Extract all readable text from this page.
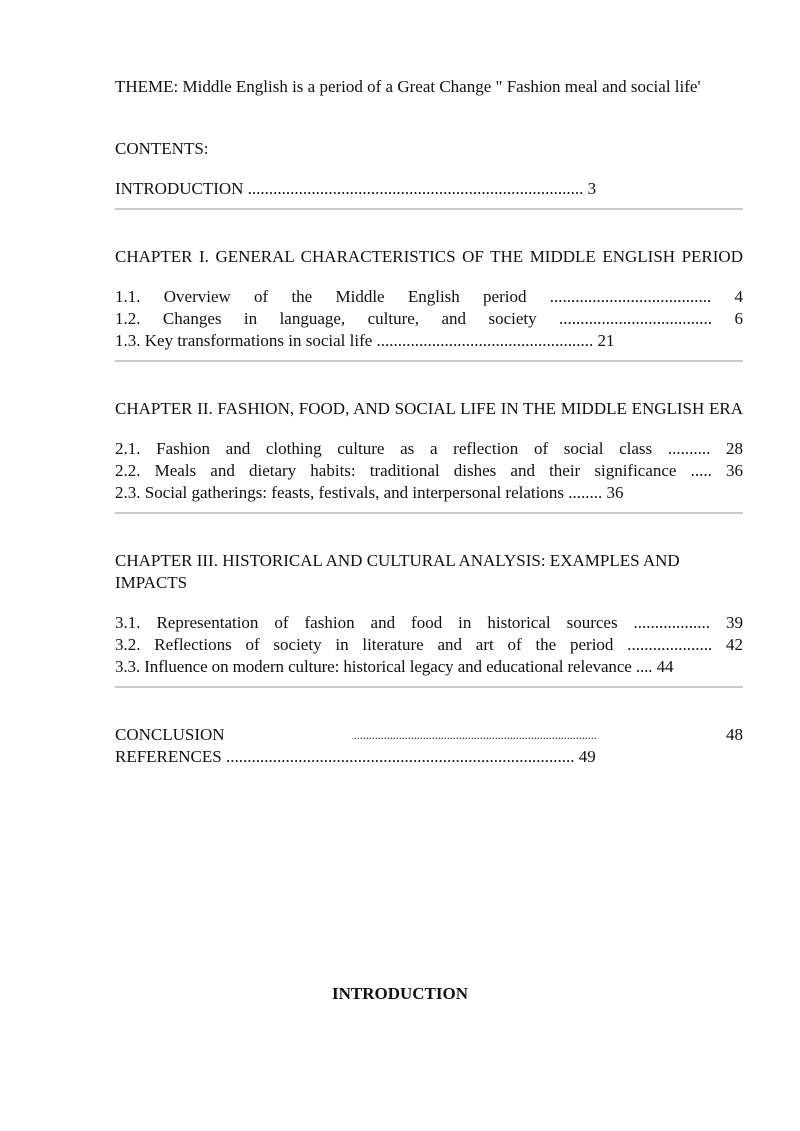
THEME: Middle English is a period of a Great Change " Fashion meal and social life'

CONTENTS:

INTRODUCTION ............................................................................... 3

CHAPTER I. GENERAL CHARACTERISTICS OF THE MIDDLE ENGLISH PERIOD

1.1. Overview of the Middle English period ...................................... 4

1.2. Changes in language, culture, and society .................................... 6

1.3. Key transformations in social life ................................................... 21

CHAPTER II. FASHION, FOOD, AND SOCIAL LIFE IN THE MIDDLE ENGLISH ERA

2.1. Fashion and clothing culture as a reflection of social class .......... 28

2.2. Meals and dietary habits: traditional dishes and their significance ..... 36

2.3. Social gatherings: feasts, festivals, and interpersonal relations ........ 36

CHAPTER III. HISTORICAL AND CULTURAL ANALYSIS: EXAMPLES AND IMPACTS

3.1. Representation of fashion and food in historical sources .................. 39

3.2. Reflections of society in literature and art of the period .................... 42

3.3. Influence on modern culture: historical legacy and educational relevance .... 44

CONCLUSION	.................................................................................	48

REFERENCES .................................................................................. 49

INTRODUCTION
